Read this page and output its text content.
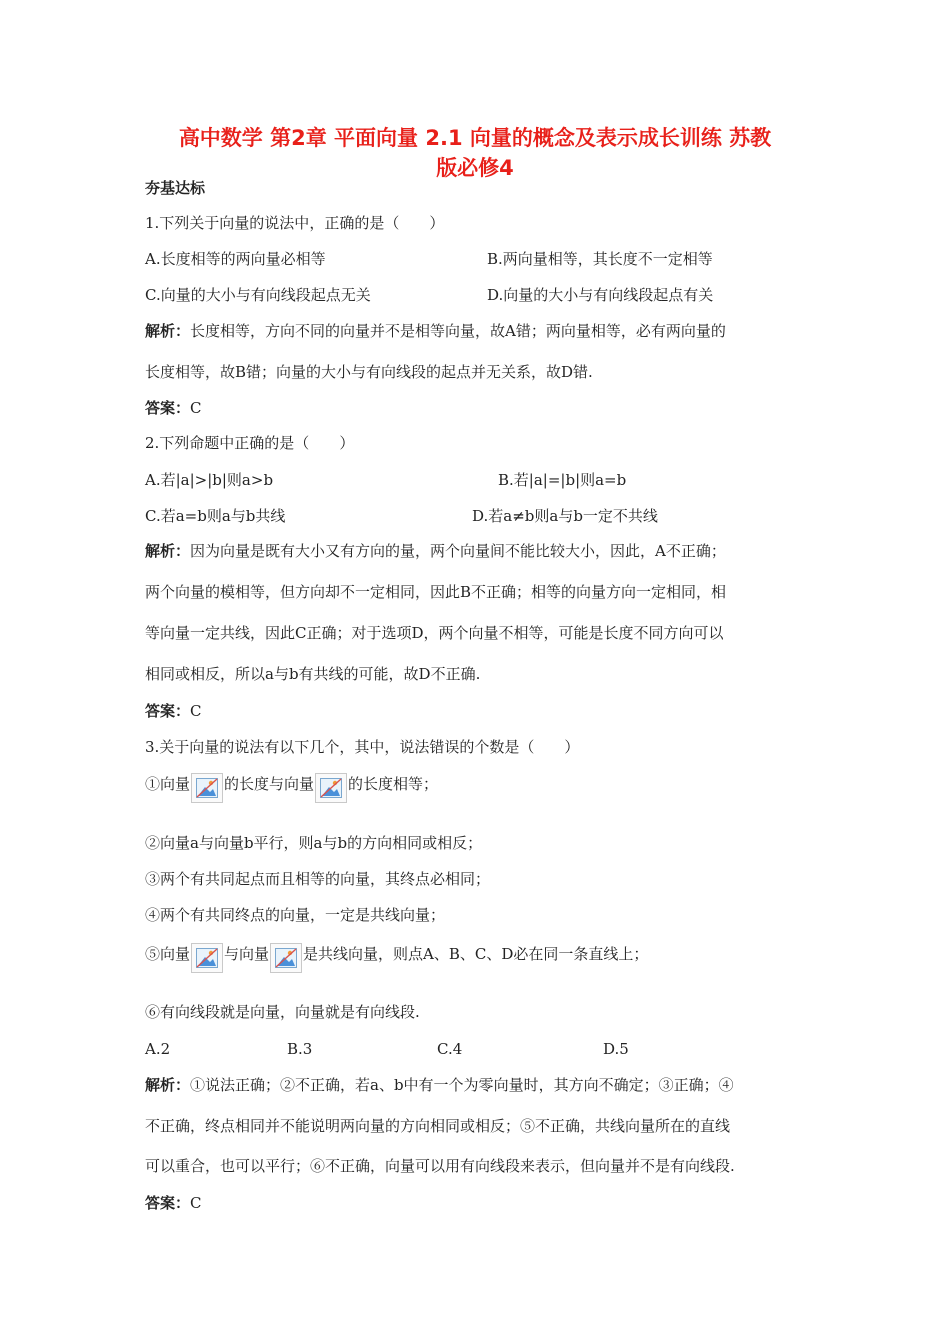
高中数学 第2章 平面向量 2.1 向量的概念及表示成长训练 苏教
版必修4
夯基达标
1.下列关于向量的说法中，正确的是（　　）
A.长度相等的两向量必相等	B.两向量相等，其长度不一定相等
C.向量的大小与有向线段起点无关	D.向量的大小与有向线段起点有关
解析：长度相等，方向不同的向量并不是相等向量，故A错；两向量相等，必有两向量的
长度相等，故B错；向量的大小与有向线段的起点并无关系，故D错.
答案：C
2.下列命题中正确的是（　　）
A.若|a|>|b|则a>b	B.若|a|=|b|则a=b
C.若a=b则a与b共线	D.若a≠b则a与b一定不共线
解析：因为向量是既有大小又有方向的量，两个向量间不能比较大小，因此，A不正确；
两个向量的模相等，但方向却不一定相同，因此B不正确；相等的向量方向一定相同，相
等向量一定共线，因此C正确；对于选项D，两个向量不相等，可能是长度不同方向可以
相同或相反，所以a与b有共线的可能，故D不正确.
答案：C
3.关于向量的说法有以下几个，其中，说法错误的个数是（　　）
①向量 的长度与向量 的长度相等；
②向量a与向量b平行，则a与b的方向相同或相反；
③两个有共同起点而且相等的向量，其终点必相同；
④两个有共同终点的向量，一定是共线向量；
⑤向量 与向量 是共线向量，则点A、B、C、D必在同一条直线上；
⑥有向线段就是向量，向量就是有向线段.
A.2	B.3	C.4	D.5
解析：①说法正确；②不正确，若a、b中有一个为零向量时，其方向不确定；③正确；④
不正确，终点相同并不能说明两向量的方向相同或相反；⑤不正确，共线向量所在的直线
可以重合，也可以平行；⑥不正确，向量可以用有向线段来表示，但向量并不是有向线段.
答案：C
